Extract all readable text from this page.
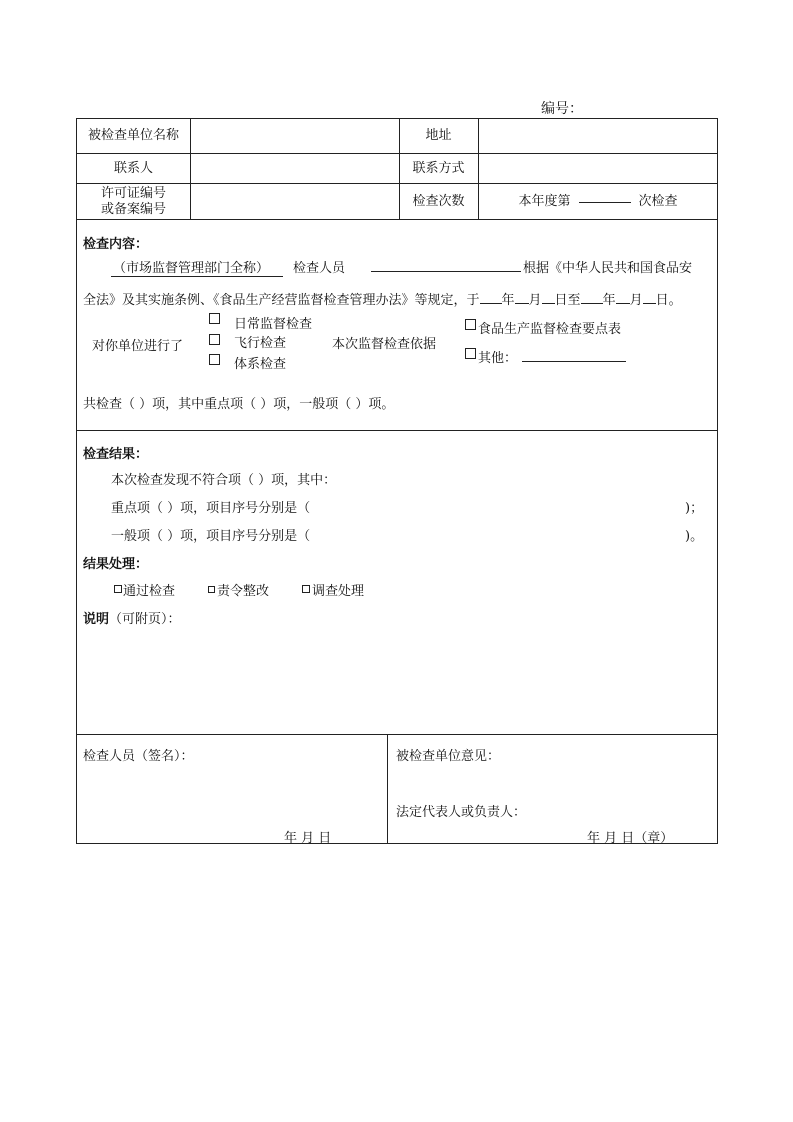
编号：
被检查单位名称	地址
联系人	联系方式
许可证编号
或备案编号
检查次数	本年度第	次检查
检查内容：
（市场监督管理部门全称） 检查人员	根据《中华人民共和国食品安
全法》及其实施条例、《食品生产经营监督检查管理办法》等规定，于 年 月 日至 年 月 日。
对你单位进行了
日常监督检查
飞行检查
体系检查
本次监督检查依据
食品生产监督检查要点表
其他：
共检查（ ）项，其中重点项（ ）项，一般项（ ）项。
检查结果：
本次检查发现不符合项（ ）项，其中：
重点项（ ）项，项目序号分别是（	)；
一般项（ ）项，项目序号分别是（	)。
结果处理：
通过检查	责令整改	调查处理
说明（可附页）：
检查人员（签名）：
年 月 日
被检查单位意见：
法定代表人或负责人：
年 月 日（章）
